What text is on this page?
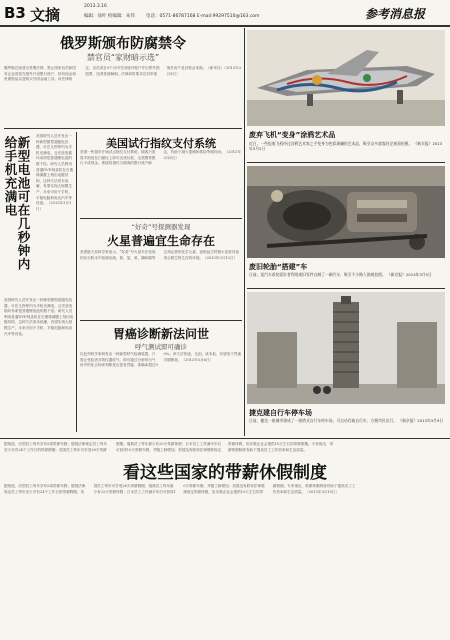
B3 文摘	2013.3.16
编辑：徐叶 校编辑：朱伟 电话：0571-86787168 E-mail:99297510@163.com	参考消息报
俄罗斯颁布防腐禁令
禁官员“家财暗示选”
俄罗斯总统普京签署法律，禁止国家官员和国有企业高管在境外开设银行账户、持有现金和贵重物品以及购买外国金融工具。该法律规定，官员须在3个月内关闭境外账户并出售外国股票，违者将被解职。法律同时要求官员申报境外房产及其资金来源。（新华社）（2013年3月8日）
废弃飞机“变身”涂鸦艺术品
近日，一些报废飞机经过涂鸦艺术家之手变身为色彩斑斓的艺术品，吸引众多游客驻足观看拍照。 《新京报》2013年3月2日
新型电池可在几秒钟内给手机充满电	美国研究人员开发出一种新型微型超级电容器，可在几秒钟内为手机充满电，且充放电循环寿命是普通锂电池的数千倍。研究人员利用普通DVD刻录机在石墨烯薄膜上刻出电极结构，这种方法成本低廉，有望实现大规模生产，未来可用于手机、平板电脑和电动汽车等设备。（2013年3月1日）
美国研究人员开发出一种新型微型超级电容器，可在几秒钟内为手机充满电，且充放电循环寿命是普通锂电池的数千倍。研究人员利用普通DVD刻录机在石墨烯薄膜上刻出电极结构，这种方法成本低廉，有望实现大规模生产，未来可用于手机、平板电脑和电动汽车等设备。
美国试行指纹支付系统
美国一些超市开始试点指纹支付系统，顾客只需将手指放在扫描仪上即可完成付款，无需携带银行卡或现金。系统将指纹与顾客的银行账户绑定，有助于减少盗刷和排队等候时间。（2013年3月8日）
“好奇”号探测器发现
火星普遍宜生命存在
美国航天局科学家表示，“好奇”号火星车在钻取的岩石粉末中检测出硫、氮、氢、氧、磷和碳等生命必需的化学元素，表明远古时期火星曾具备适合微生物生存的环境。（2013年3月12日）
废旧轮胎“搭建”车
日前，某汽车改装爱好者利用废旧零件自制了一辆汽车，吸引不少路人围观拍照。 《新京报》2013年3月5日
胃癌诊断新法问世
呼气测试即可确诊
以色列科学家研发出一种新型呼气检测装置，只需让受检者对着仪器吹气，即可通过分析呼出气体中的化合物来判断是否患有胃癌，准确率超过90%。该方法快速、无创、成本低，有望用于胃癌早期筛查。（2013年3月6日）
捷克建自行车停车场
日前，捷克一座城市建成了一座塔式自行车停车场，可自动存取自行车，方便市民出行。 《新京报》2013年3月9日
据报道，法国员工每年享有5周带薪年假；德国法律规定员工每年至少享有24个工作日的带薪假期；英国员工每年可享受28天带薪假期；瑞典员工每年最少有25天带薪休假；日本员工工作满半年后可获得10天带薪年假，并随工龄增加；美国没有联邦法律强制规定带薪休假，但多数企业会提供10天左右的带薪假期。专家指出，带薪休假制度有助于提高员工工作效率和生活质量。
看这些国家的带薪休假制度
据报道，法国员工每年享有5周带薪年假；德国法律规定员工每年至少享有24个工作日的带薪假期；英国员工每年可享受28天带薪假期；瑞典员工每年最少有25天带薪休假；日本员工工作满半年后可获得10天带薪年假，并随工龄增加；美国没有联邦法律强制规定带薪休假，但多数企业会提供10天左右的带薪假期。专家指出，带薪休假制度有助于提高员工工作效率和生活质量。（2013年3月10日）
